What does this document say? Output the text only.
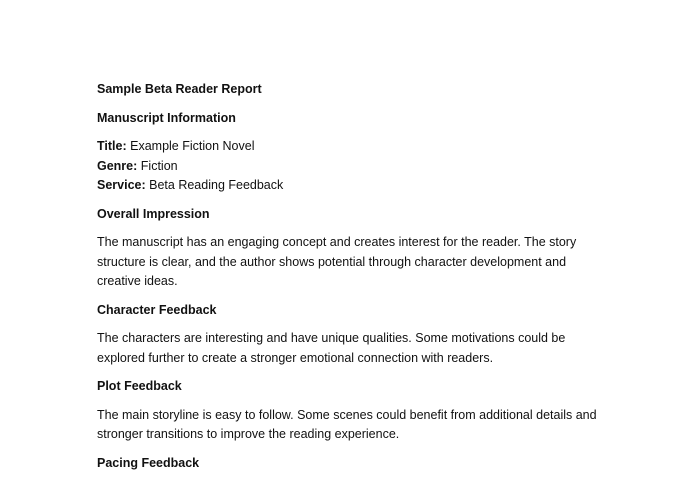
Sample Beta Reader Report
Manuscript Information
Title: Example Fiction Novel
Genre: Fiction
Service: Beta Reading Feedback
Overall Impression

The manuscript has an engaging concept and creates interest for the reader. The story structure is clear, and the author shows potential through character development and creative ideas.

Character Feedback

The characters are interesting and have unique qualities. Some motivations could be explored further to create a stronger emotional connection with readers.

Plot Feedback

The main storyline is easy to follow. Some scenes could benefit from additional details and stronger transitions to improve the reading experience.

Pacing Feedback
